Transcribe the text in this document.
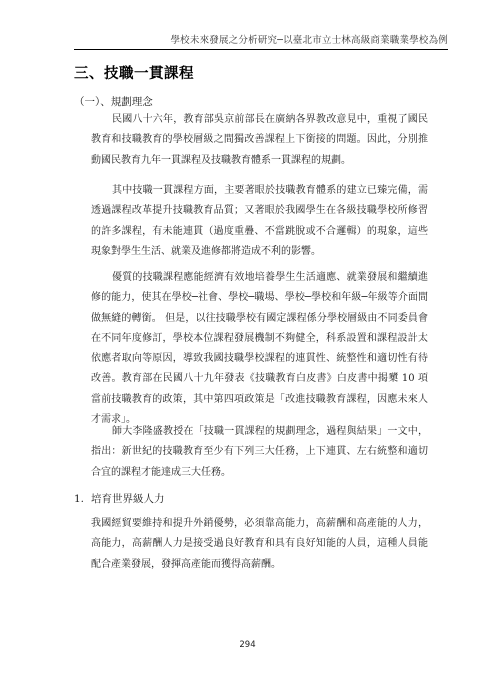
學校未來發展之分析研究─以臺北市立士林高級商業職業學校為例
三、技職一貫課程
（一）、規劃理念

民國八十六年，教育部吳京前部長在廣納各界教改意見中，重視了國民教育和技職教育的學校層級之間獨改善課程上下銜接的問題。因此，分別推動國民教育九年一貫課程及技職教育體系一貫課程的規劃。

其中技職一貫課程方面，主要著眼於技職教育體系的建立已臻完備，需透過課程改革提升技職教育品質；又著眼於我國學生在各級技職學校所修習的許多課程，有未能連貫（過度重疊、不當跳脫或不合邏輯）的現象，這些現象對學生生活、就業及進修都將造成不利的影響。

優質的技職課程應能經濟有效地培養學生生活適應、就業發展和繼續進修的能力，使其在學校─社會、學校─職場、學校─學校和年級─年級等介面間做無縫的轉銜。 但是，以往技職學校有國定課程係分學校層級由不同委員會在不同年度修訂，學校本位課程發展機制不夠健全，科系設置和課程設計太依應者取向等原因，導致我國技職學校課程的連貫性、統整性和適切性有待改善。教育部在民國八十九年發表《技職教育白皮書》白皮書中揭櫫 10 項當前技職教育的政策，其中第四項政策是「改進技職教育課程，因應未來人才需求」。

師大李隆盛教授在「技職一貫課程的規劃理念，過程與結果」一文中，指出：新世紀的技職教育至少有下列三大任務，上下連貫、左右統整和適切合宜的課程才能達成三大任務。

1. 培育世界級人力

我國經貿要維持和提升外銷優勢，必須靠高能力，高薪酬和高產能的人力，高能力，高薪酬人力是接受過良好教育和具有良好知能的人員，這種人員能配合產業發展，發揮高產能而獲得高薪酬。

294
